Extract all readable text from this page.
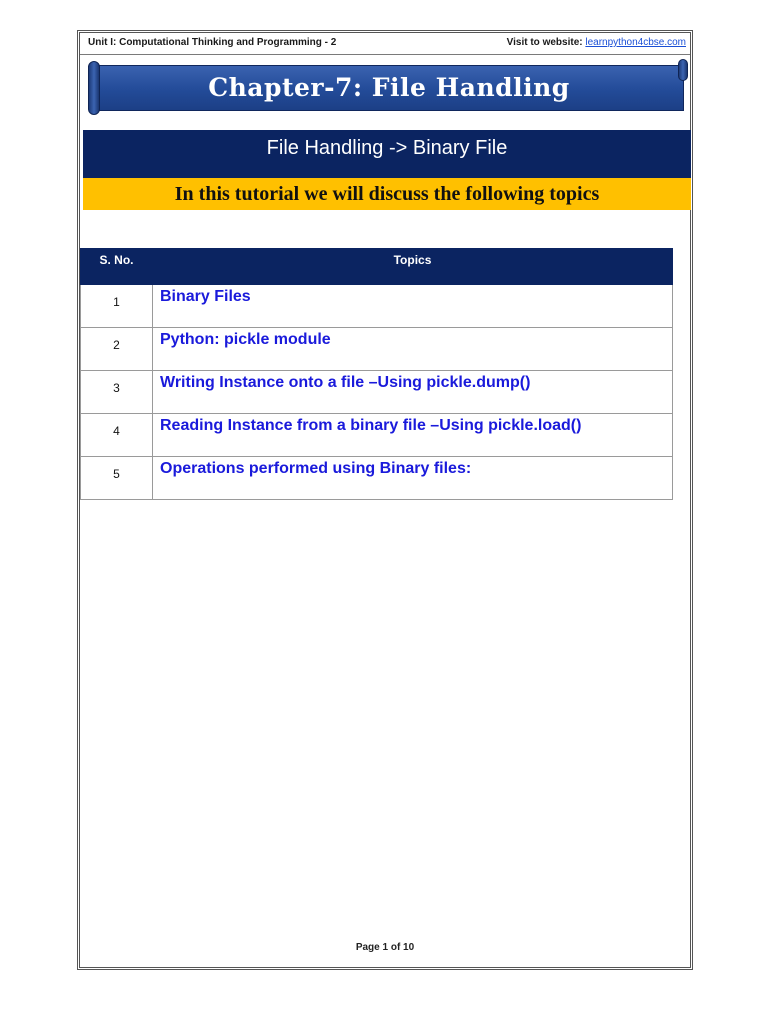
Unit I: Computational Thinking and Programming - 2	Visit to website: learnpython4cbse.com
Chapter-7: File Handling
File Handling -> Binary File
In this tutorial we will discuss the following topics
S. No.	Topics
1	Binary Files
2	Python: pickle module
3	Writing Instance onto a file –Using pickle.dump()
4	Reading Instance from a binary file –Using pickle.load()
5	Operations performed using Binary files:
Page 1 of 10
